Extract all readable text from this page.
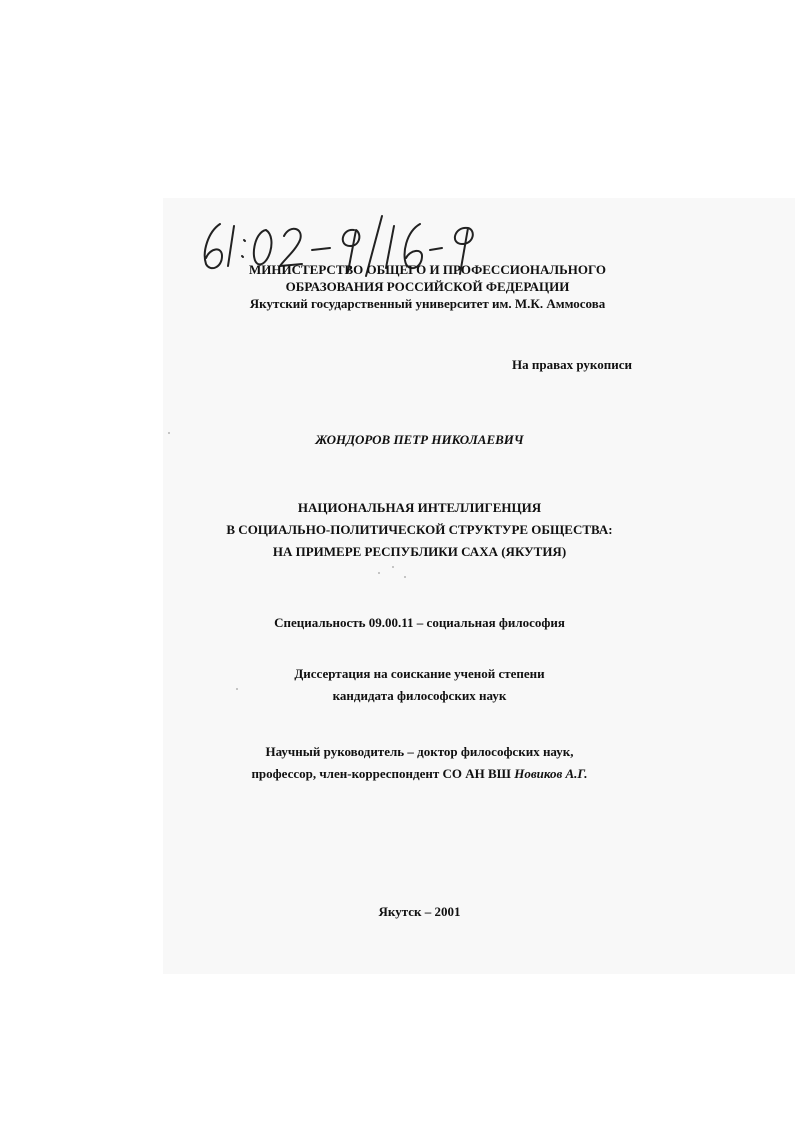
МИНИСТЕРСТВО ОБЩЕГО И ПРОФЕССИОНАЛЬНОГО
ОБРАЗОВАНИЯ РОССИЙСКОЙ ФЕДЕРАЦИИ
Якутский государственный университет им. М.К. Аммосова
На правах рукописи
ЖОНДОРОВ ПЕТР НИКОЛАЕВИЧ
НАЦИОНАЛЬНАЯ ИНТЕЛЛИГЕНЦИЯ
В СОЦИАЛЬНО-ПОЛИТИЧЕСКОЙ СТРУКТУРЕ ОБЩЕСТВА:
НА ПРИМЕРЕ РЕСПУБЛИКИ САХА (ЯКУТИЯ)
Специальность 09.00.11 – социальная философия
Диссертация на соискание ученой степени
кандидата философских наук
Научный руководитель – доктор философских наук,
профессор, член-корреспондент СО АН ВШ Новиков А.Г.
Якутск – 2001
